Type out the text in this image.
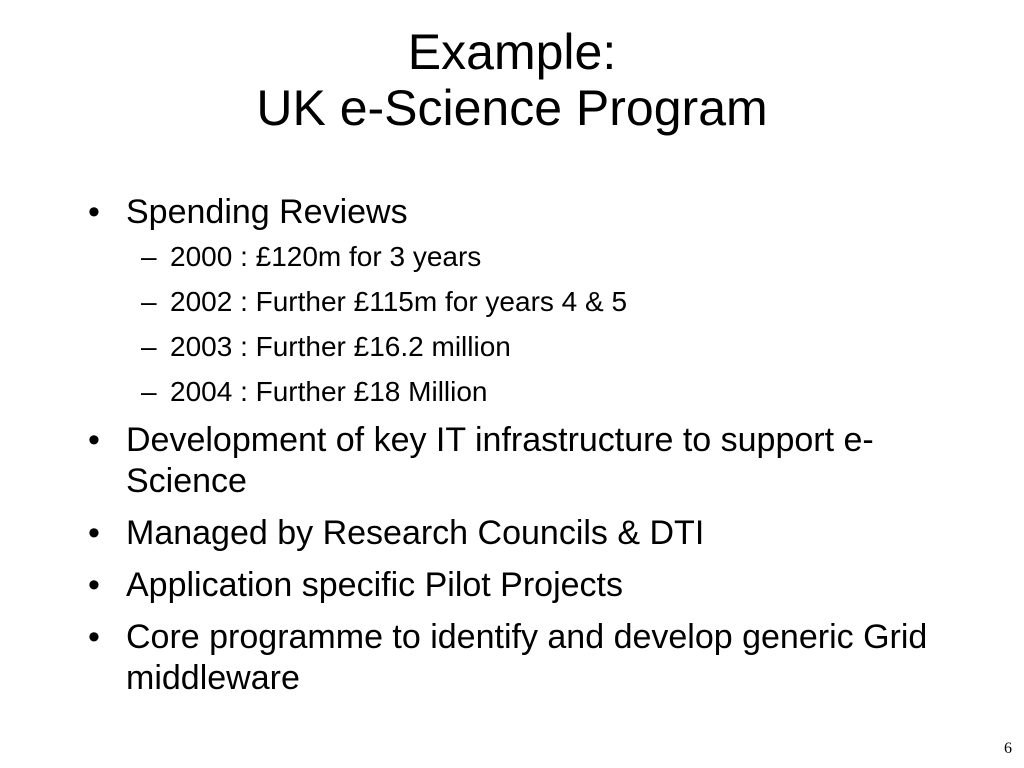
Example:
UK e-Science Program
• Spending Reviews
– 2000 : £120m for 3 years
– 2002 : Further £115m for years 4 & 5
– 2003 : Further £16.2 million
– 2004 : Further £18 Million
• Development of key IT infrastructure to support e-Science
• Managed by Research Councils & DTI
• Application specific Pilot Projects
• Core programme to identify and develop generic Grid middleware
6
